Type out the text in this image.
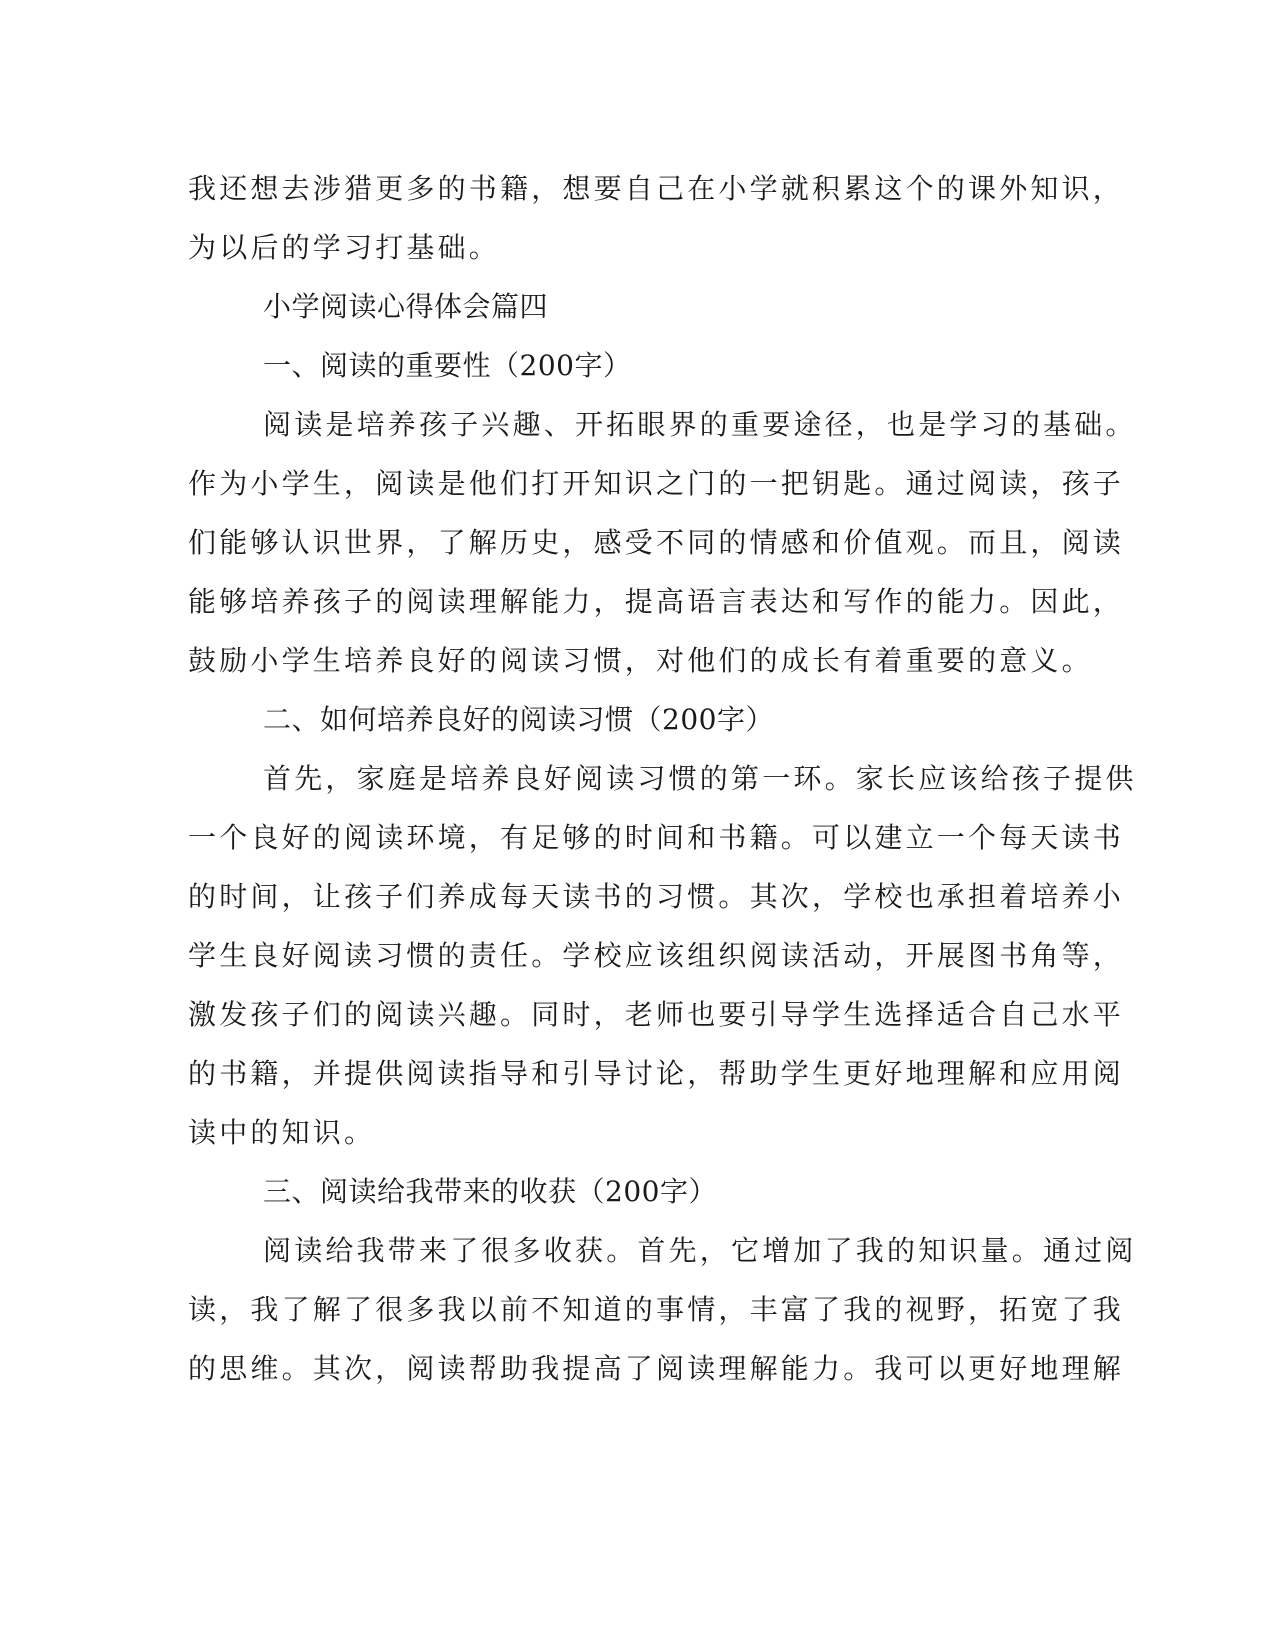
我还想去涉猎更多的书籍，想要自己在小学就积累这个的课外知识，
为以后的学习打基础。
小学阅读心得体会篇四
一、阅读的重要性（200字）
阅读是培养孩子兴趣、开拓眼界的重要途径，也是学习的基础。
作为小学生，阅读是他们打开知识之门的一把钥匙。通过阅读，孩子
们能够认识世界，了解历史，感受不同的情感和价值观。而且，阅读
能够培养孩子的阅读理解能力，提高语言表达和写作的能力。因此，
鼓励小学生培养良好的阅读习惯，对他们的成长有着重要的意义。
二、如何培养良好的阅读习惯（200字）
首先，家庭是培养良好阅读习惯的第一环。家长应该给孩子提供
一个良好的阅读环境，有足够的时间和书籍。可以建立一个每天读书
的时间，让孩子们养成每天读书的习惯。其次，学校也承担着培养小
学生良好阅读习惯的责任。学校应该组织阅读活动，开展图书角等，
激发孩子们的阅读兴趣。同时，老师也要引导学生选择适合自己水平
的书籍，并提供阅读指导和引导讨论，帮助学生更好地理解和应用阅
读中的知识。
三、阅读给我带来的收获（200字）
阅读给我带来了很多收获。首先，它增加了我的知识量。通过阅
读，我了解了很多我以前不知道的事情，丰富了我的视野，拓宽了我
的思维。其次，阅读帮助我提高了阅读理解能力。我可以更好地理解
